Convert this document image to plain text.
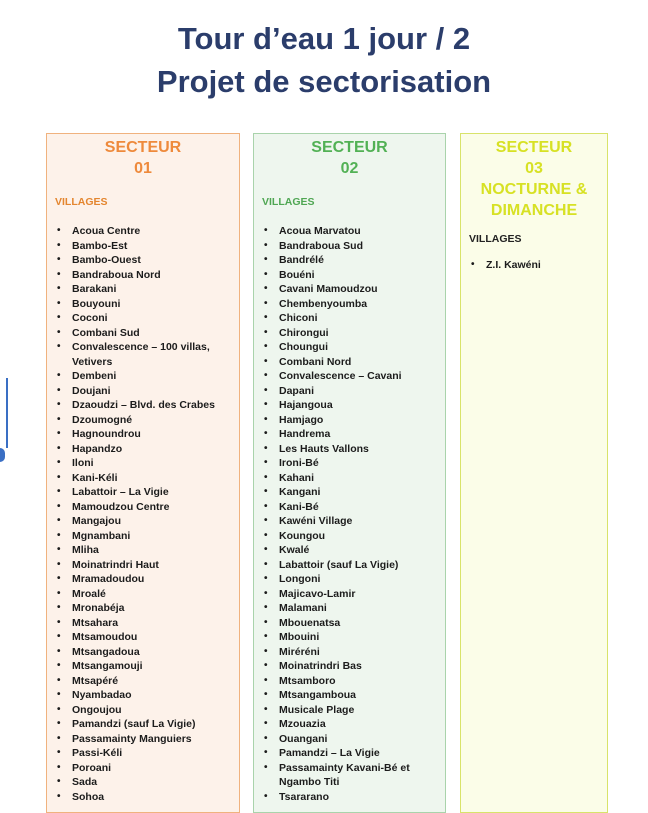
Tour d’eau 1 jour / 2
Projet de sectorisation
SECTEUR
01
VILLAGES
• Acoua Centre
• Bambo-Est
• Bambo-Ouest
• Bandraboua Nord
• Barakani
• Bouyouni
• Coconi
• Combani Sud
• Convalescence – 100 villas, Vetivers
• Dembeni
• Doujani
• Dzaoudzi – Blvd. des Crabes
• Dzoumogné
• Hagnoundrou
• Hapandzo
• Iloni
• Kani-Kéli
• Labattoir – La Vigie
• Mamoudzou Centre
• Mangajou
• Mgnambani
• Mliha
• Moinatrindri Haut
• Mramadoudou
• Mroalé
• Mronabéja
• Mtsahara
• Mtsamoudou
• Mtsangadoua
• Mtsangamouji
• Mtsapéré
• Nyambadao
• Ongoujou
• Pamandzi (sauf La Vigie)
• Passamainty Manguiers
• Passi-Kéli
• Poroani
• Sada
• Sohoa
SECTEUR
02
VILLAGES
• Acoua Marvatou
• Bandraboua Sud
• Bandrélé
• Bouéni
• Cavani Mamoudzou
• Chembenyoumba
• Chiconi
• Chirongui
• Choungui
• Combani Nord
• Convalescence – Cavani
• Dapani
• Hajangoua
• Hamjago
• Handrema
• Les Hauts Vallons
• Ironi-Bé
• Kahani
• Kangani
• Kani-Bé
• Kawéni Village
• Koungou
• Kwalé
• Labattoir (sauf La Vigie)
• Longoni
• Majicavo-Lamir
• Malamani
• Mbouenatsa
• Mbouini
• Miréréni
• Moinatrindri Bas
• Mtsamboro
• Mtsangamboua
• Musicale Plage
• Mzouazia
• Ouangani
• Pamandzi – La Vigie
• Passamainty Kavani-Bé et Ngambo Titi
• Tsararano
SECTEUR
03
NOCTURNE &
DIMANCHE
VILLAGES
• Z.I. Kawéni
